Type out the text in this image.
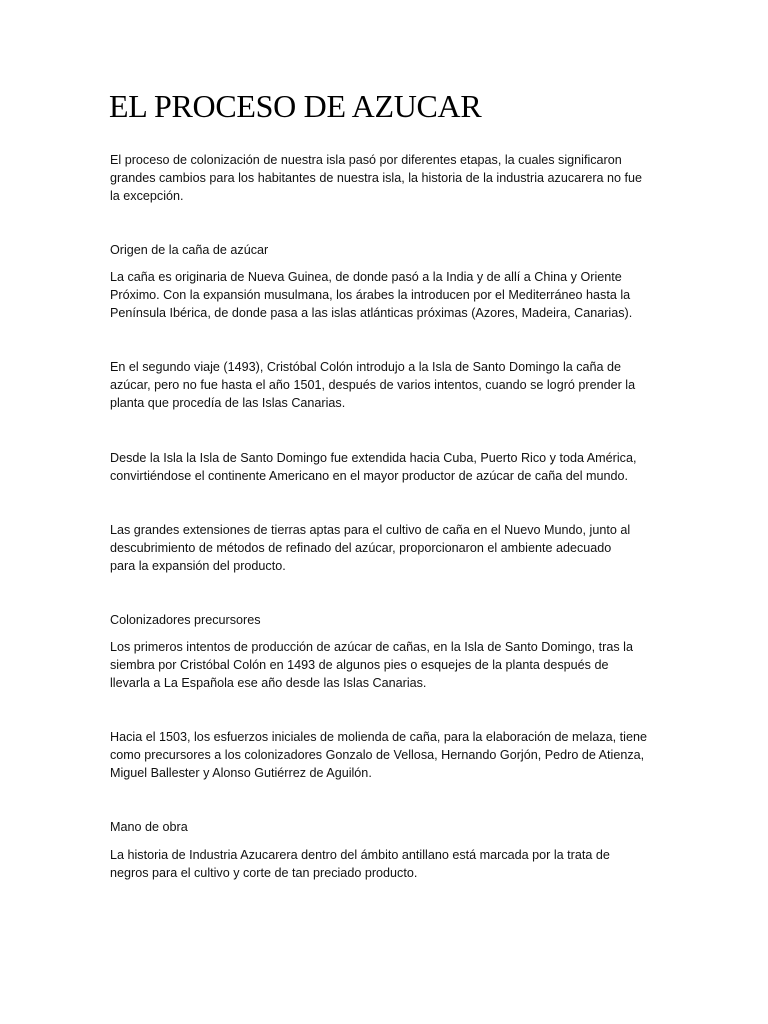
EL PROCESO DE AZUCAR

El proceso de colonización de nuestra isla pasó por diferentes etapas, la cuales significaron
grandes cambios para los habitantes de nuestra isla, la historia de la industria azucarera no fue
la excepción.

Origen de la caña de azúcar

La caña es originaria de Nueva Guinea, de donde pasó a la India y de allí a China y Oriente
Próximo. Con la expansión musulmana, los árabes la introducen por el Mediterráneo hasta la
Península Ibérica, de donde pasa a las islas atlánticas próximas (Azores, Madeira, Canarias).

En el segundo viaje (1493), Cristóbal Colón introdujo a la Isla de Santo Domingo la caña de
azúcar, pero no fue hasta el año 1501, después de varios intentos, cuando se logró prender la
planta que procedía de las Islas Canarias.

Desde la Isla la Isla de Santo Domingo fue extendida hacia Cuba, Puerto Rico y toda América,
convirtiéndose el continente Americano en el mayor productor de azúcar de caña del mundo.

Las grandes extensiones de tierras aptas para el cultivo de caña en el Nuevo Mundo, junto al
descubrimiento de métodos de refinado del azúcar, proporcionaron el ambiente adecuado
para la expansión del producto.

Colonizadores precursores

Los primeros intentos de producción de azúcar de cañas, en la Isla de Santo Domingo, tras la
siembra por Cristóbal Colón en 1493 de algunos pies o esquejes de la planta después de
llevarla a La Española ese año desde las Islas Canarias.

Hacia el 1503, los esfuerzos iniciales de molienda de caña, para la elaboración de melaza, tiene
como precursores a los colonizadores Gonzalo de Vellosa, Hernando Gorjón, Pedro de Atienza,
Miguel Ballester y Alonso Gutiérrez de Aguilón.

Mano de obra

La historia de Industria Azucarera dentro del ámbito antillano está marcada por la trata de
negros para el cultivo y corte de tan preciado producto.
